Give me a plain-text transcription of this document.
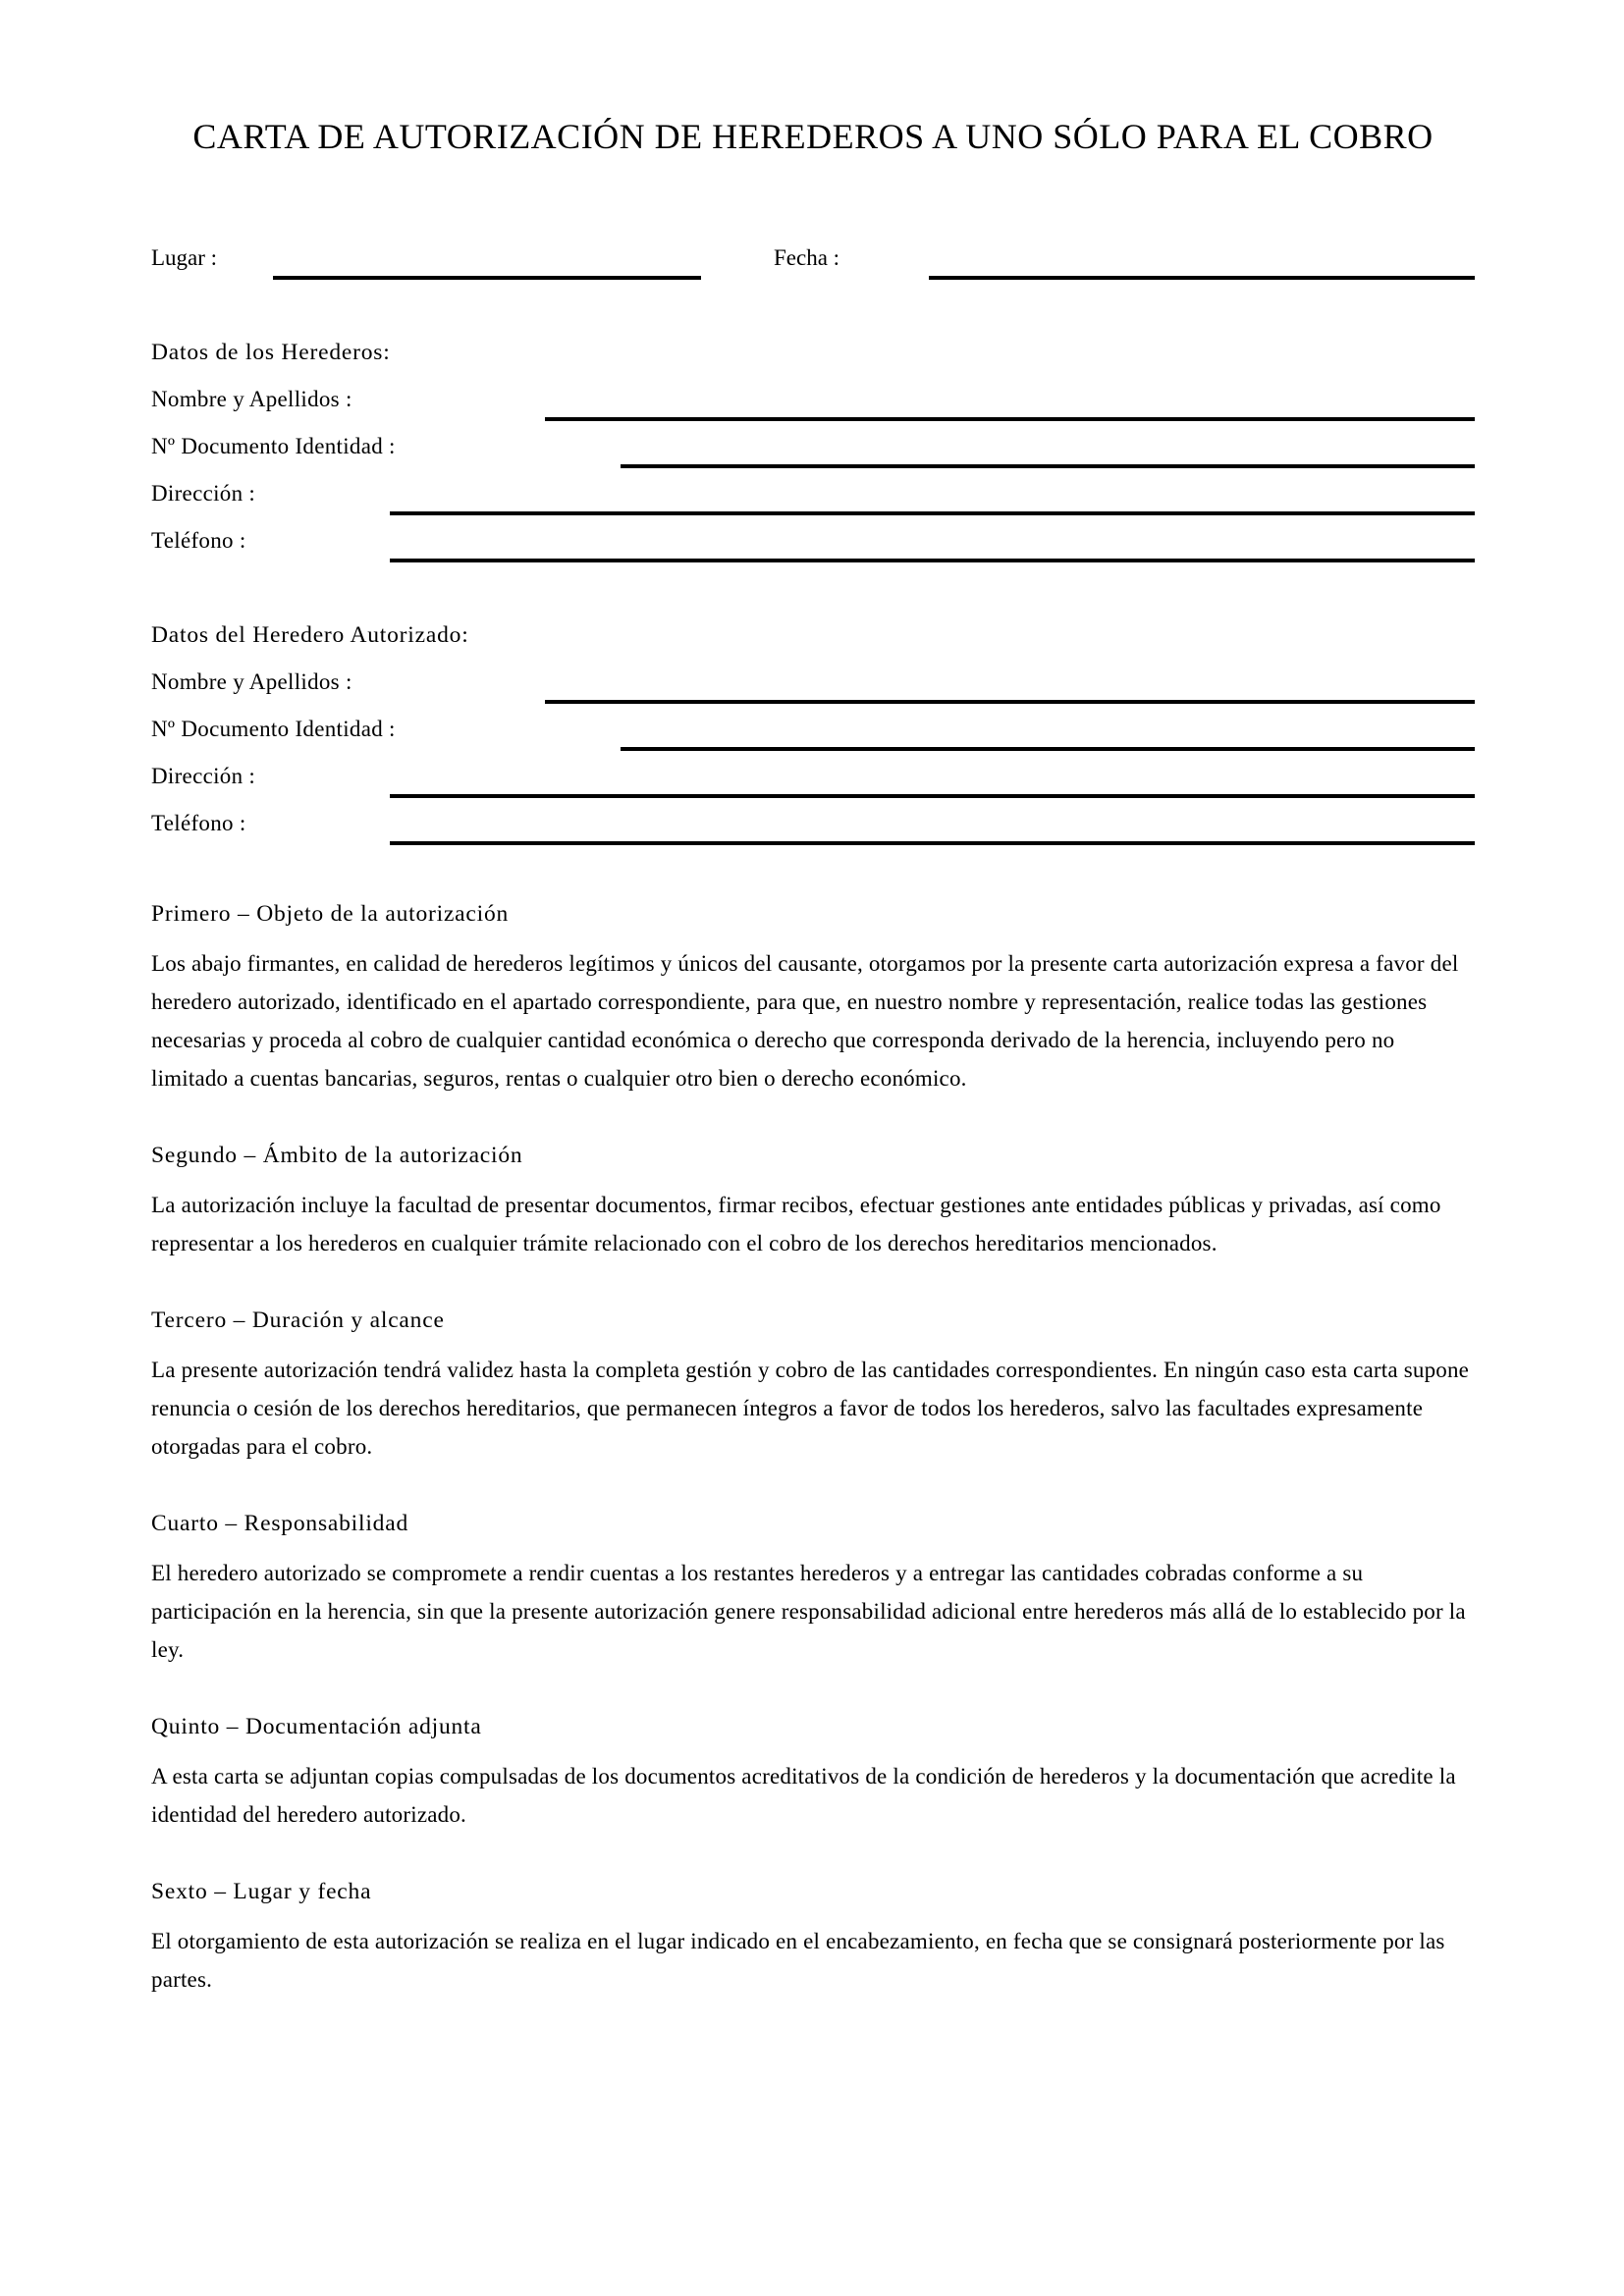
CARTA DE AUTORIZACIÓN DE HEREDEROS A UNO SÓLO PARA EL COBRO
Lugar :	Fecha :
Datos de los Herederos:
Nombre y Apellidos :
Nº Documento Identidad :
Dirección :
Teléfono :
Datos del Heredero Autorizado:
Nombre y Apellidos :
Nº Documento Identidad :
Dirección :
Teléfono :
Primero – Objeto de la autorización
Los abajo firmantes, en calidad de herederos legítimos y únicos del causante, otorgamos por la presente carta autorización expresa a favor del heredero autorizado, identificado en el apartado correspondiente, para que, en nuestro nombre y representación, realice todas las gestiones necesarias y proceda al cobro de cualquier cantidad económica o derecho que corresponda derivado de la herencia, incluyendo pero no limitado a cuentas bancarias, seguros, rentas o cualquier otro bien o derecho económico.
Segundo – Ámbito de la autorización
La autorización incluye la facultad de presentar documentos, firmar recibos, efectuar gestiones ante entidades públicas y privadas, así como representar a los herederos en cualquier trámite relacionado con el cobro de los derechos hereditarios mencionados.
Tercero – Duración y alcance
La presente autorización tendrá validez hasta la completa gestión y cobro de las cantidades correspondientes. En ningún caso esta carta supone renuncia o cesión de los derechos hereditarios, que permanecen íntegros a favor de todos los herederos, salvo las facultades expresamente otorgadas para el cobro.
Cuarto – Responsabilidad
El heredero autorizado se compromete a rendir cuentas a los restantes herederos y a entregar las cantidades cobradas conforme a su participación en la herencia, sin que la presente autorización genere responsabilidad adicional entre herederos más allá de lo establecido por la ley.
Quinto – Documentación adjunta
A esta carta se adjuntan copias compulsadas de los documentos acreditativos de la condición de herederos y la documentación que acredite la identidad del heredero autorizado.
Sexto – Lugar y fecha
El otorgamiento de esta autorización se realiza en el lugar indicado en el encabezamiento, en fecha que se consignará posteriormente por las partes.
